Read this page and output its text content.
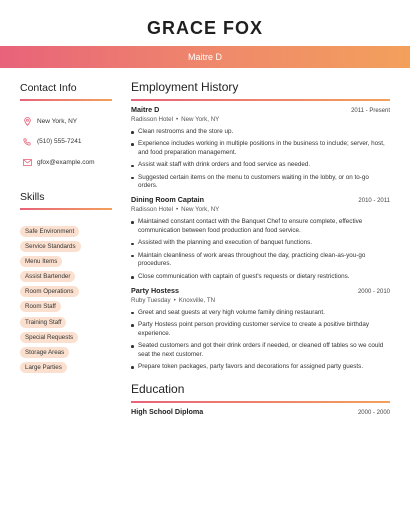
GRACE FOX
Maitre D
Contact Info
New York, NY
(510) 555-7241
gfox@example.com
Skills
Safe Environment
Service Standards
Menu Items
Assist Bartender
Room Operations
Room Staff
Training Staff
Special Requests
Storage Areas
Large Parties
Employment History
Maitre D	2011 - Present
Radisson Hotel • New York, NY
Clean restrooms and the store up.
Experience includes working in multiple positions in the business to include; server, host, and food preparation management.
Assist wait staff with drink orders and food service as needed.
Suggested certain items on the menu to customers waiting in the lobby, or on to-go orders.
Dining Room Captain	2010 - 2011
Radisson Hotel • New York, NY
Maintained constant contact with the Banquet Chef to ensure complete, effective communication between food production and food service.
Assisted with the planning and execution of banquet functions.
Maintain cleanliness of work areas throughout the day, practicing clean-as-you-go procedures.
Close communication with captain of guest's requests or dietary restrictions.
Party Hostess	2000 - 2010
Ruby Tuesday • Knoxville, TN
Greet and seat guests at very high volume family dining restaurant.
Party Hostess point person providing customer service to create a positive birthday experience.
Seated customers and got their drink orders if needed, or cleaned off tables so we could seat the next customer.
Prepare token packages, party favors and decorations for assigned party guests.
Education
High School Diploma	2000 - 2000
